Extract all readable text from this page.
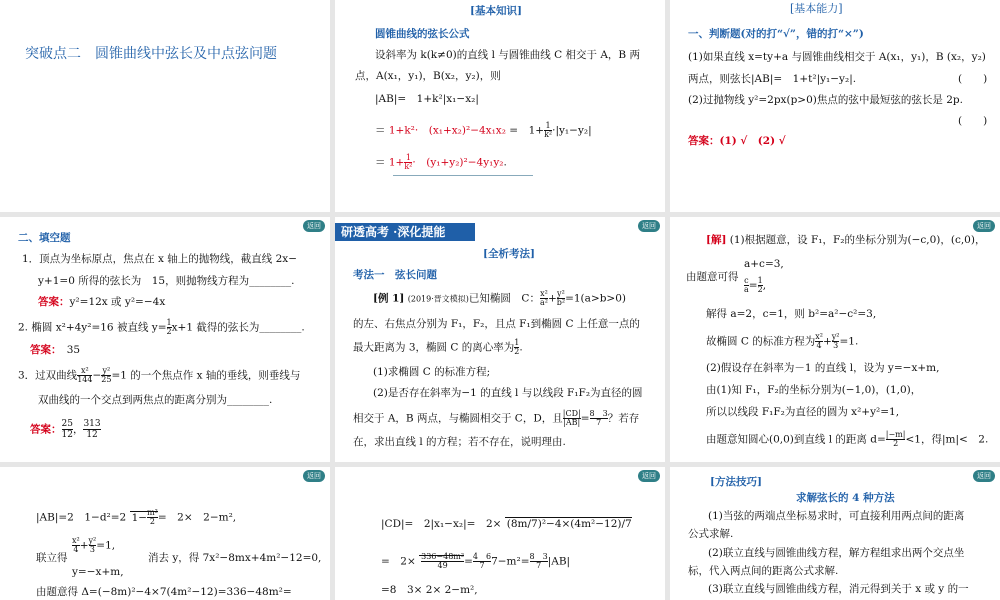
突破点二　圆锥曲线中弦长及中点弦问题
[基本知识]
圆锥曲线的弦长公式
设斜率为 k(k≠0)的直线 l 与圆锥曲线 C 相交于 A，B 两
点，A(x₁，y₁)，B(x₂，y₂)，则
|AB|=　1+k²|x₁−x₂|
＝ 1+k²·　(x₁+x₂)²−4x₁x₂ =　$1+ \frac{1}{\text{k²}} \cdot|y_1-y_2|$
＝ $1+ \frac{1}{\text{k²}}$ ·　(y₁+y₂)²−4y₁y₂.
[基本能力]
一、判断题(对的打“√”，错的打“×”)
(1)如果直线 x=ty+a 与圆锥曲线相交于 A(x₁，y₁)，B (x₂，y₂)
两点，则弦长|AB|=　1+t²|y₁−y₂|.	(　　)
(2)过抛物线 y²=2px(p>0)焦点的弦中最短弦的弦长是 2p.
(　　)
答案：(1) √　(2) √
返回
二、填空题
1．顶点为坐标原点，焦点在 x 轴上的抛物线，截直线 2x−
y+1=0 所得的弦长为　15，则抛物线方程为________.
答案：y²=12x 或 y²=−4x
2. 椭圆 x²+4y²=16 被直线 $y= \frac{1}{2} x+1$ 截得的弦长为________.
答案：　35
3．过双曲线 $\frac{\text{x²}}{144} - \frac{\text{y²}}{25} =1$ 的一个焦点作 x 轴的垂线，则垂线与
双曲线的一个交点到两焦点的距离分别为________.
答案： $\frac{25}{12}$ ， $\frac{313}{12}$
返回
研透高考 ·深化提能
[全析考法]
考法一　弦长问题
[例 1] (2019·晋文模拟)已知椭圆　C： $\frac{\text{x²}}{\text{a²}} + \frac{\text{y²}}{\text{b²}} =1(a>b>0)$
的左、右焦点分别为 F₁，F₂，且点 F₁到椭圆 C 上任意一点的
最大距离为 3，椭圆 C 的离心率为 $\frac{1}{2}$ .
(1)求椭圆 C 的标准方程;
(2)是否存在斜率为−1 的直线 l 与以线段 F₁F₂为直径的圆
相交于 A，B 两点，与椭圆相交于 C，D，且 $\frac{|CD|}{|AB|} = \frac{8 3}{7}$ ？若存
在，求出直线 l 的方程；若不存在，说明理由.
返回
[解] (1)根据题意，设 F₁，F₂的坐标分别为(−c,0)，(c,0)，
由题意可得
a+c=3,
$\frac{c}{a} = \frac{1}{2}$ ,
解得 a=2，c=1，则 b²=a²−c²=3,
故椭圆 C 的标准方程为 $\frac{\text{x²}}{4} + \frac{\text{y²}}{3} =1$.
(2)假设存在斜率为－1 的直线 l，设为 y=−x+m,
由(1)知 F₁，F₂的坐标分别为(−1,0)，(1,0)，
所以以线段 F₁F₂为直径的圆为 x²+y²=1,
由题意知圆心(0,0)到直线 l 的距离 $d= \frac{|-m|}{2} <1$，得|m|<　2.
返回
|AB|=2　1−d²=2 $1- \frac{\text{m²}}{2}$ =　2×　2−m²,
联立得
$\frac{\text{x²}}{4} + \frac{\text{y²}}{3} =1$,
y=−x+m,
消去 y，得 7x²−8mx+4m²−12=0,
由题意得 Δ=(−8m)²−4×7(4m²−12)=336−48m²=
返回
|CD|=　2|x₁−x₂|=　2× (8m/7)²−4×(4m²−12)/7
=　$2\times \frac{\text{336−48m²}}{49} = \frac{4 6}{7} 7-m^2= \frac{8 3}{7} |AB|$
=8　3× 2× 2−m²,
返回
[方法技巧]
求解弦长的 4 种方法
(1)当弦的两端点坐标易求时，可直接利用两点间的距离
公式求解.
(2)联立直线与圆锥曲线方程，解方程组求出两个交点坐
标，代入两点间的距离公式求解.
(3)联立直线与圆锥曲线方程，消元得到关于 x 或 y 的一
